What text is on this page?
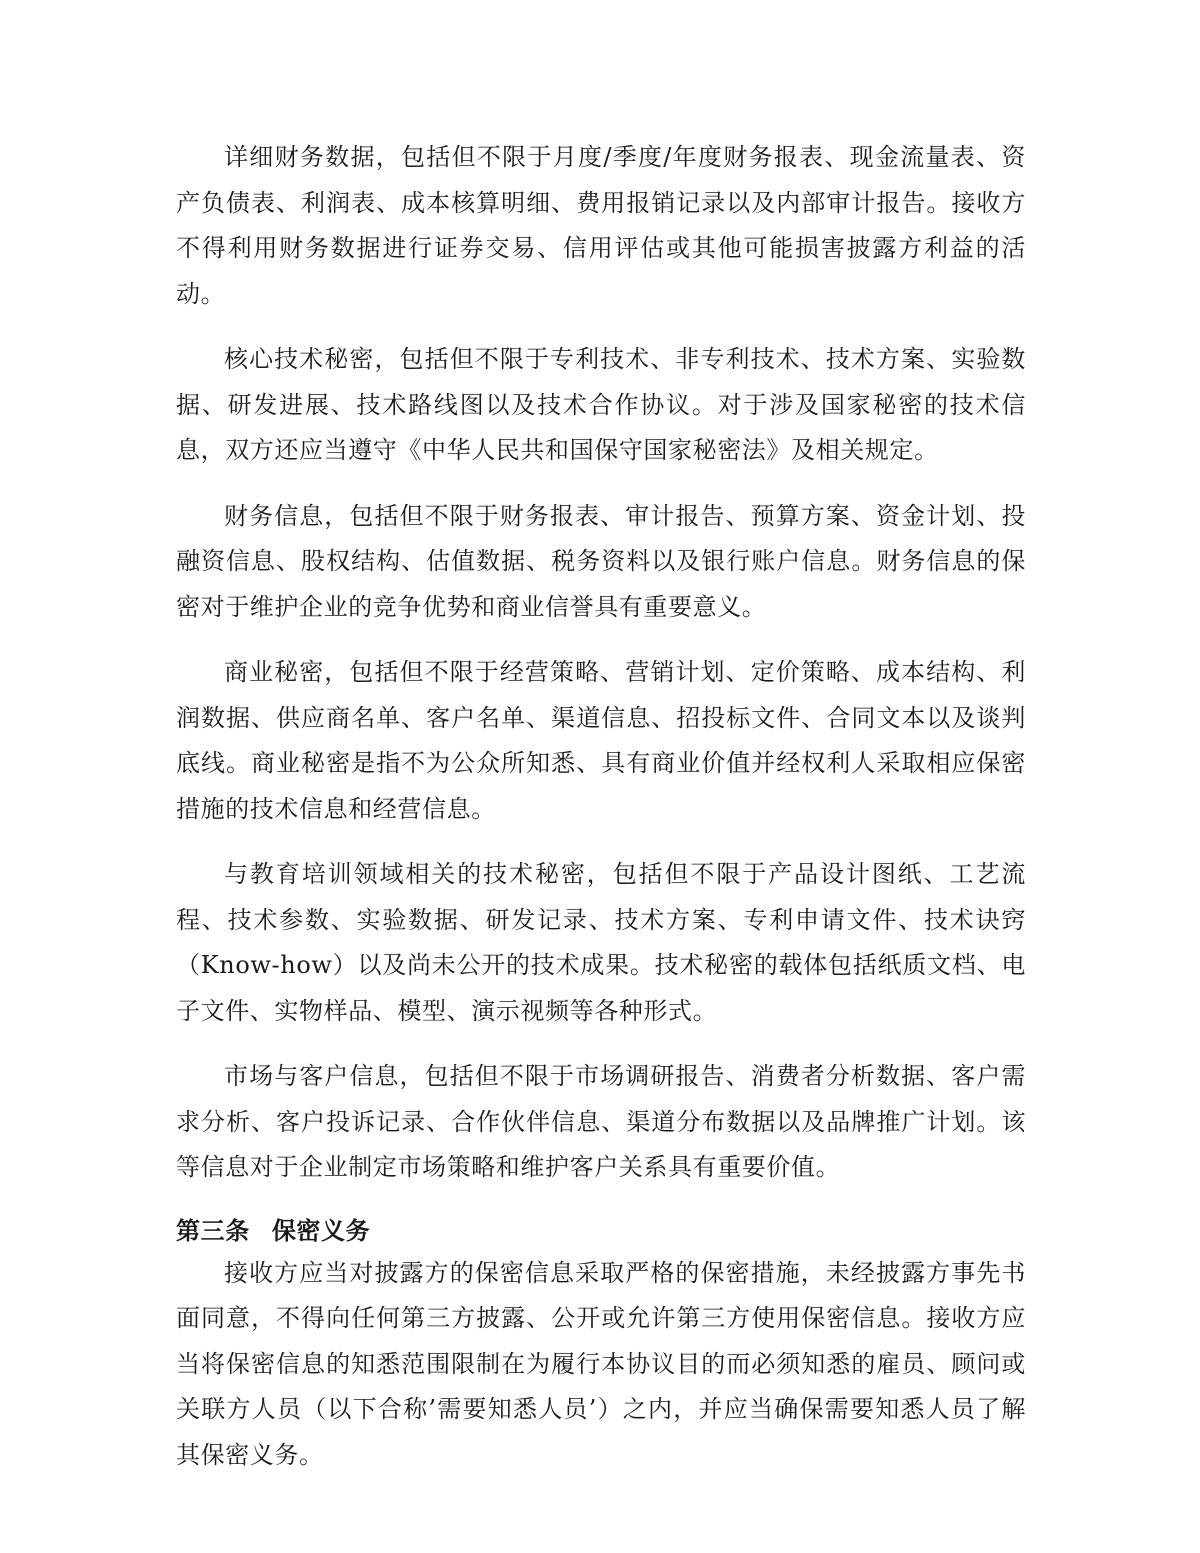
详细财务数据，包括但不限于月度/季度/年度财务报表、现金流量表、资产负债表、利润表、成本核算明细、费用报销记录以及内部审计报告。接收方不得利用财务数据进行证券交易、信用评估或其他可能损害披露方利益的活动。

核心技术秘密，包括但不限于专利技术、非专利技术、技术方案、实验数据、研发进展、技术路线图以及技术合作协议。对于涉及国家秘密的技术信息，双方还应当遵守《中华人民共和国保守国家秘密法》及相关规定。

财务信息，包括但不限于财务报表、审计报告、预算方案、资金计划、投融资信息、股权结构、估值数据、税务资料以及银行账户信息。财务信息的保密对于维护企业的竞争优势和商业信誉具有重要意义。

商业秘密，包括但不限于经营策略、营销计划、定价策略、成本结构、利润数据、供应商名单、客户名单、渠道信息、招投标文件、合同文本以及谈判底线。商业秘密是指不为公众所知悉、具有商业价值并经权利人采取相应保密措施的技术信息和经营信息。

与教育培训领域相关的技术秘密，包括但不限于产品设计图纸、工艺流程、技术参数、实验数据、研发记录、技术方案、专利申请文件、技术诀窍（Know-how）以及尚未公开的技术成果。技术秘密的载体包括纸质文档、电子文件、实物样品、模型、演示视频等各种形式。

市场与客户信息，包括但不限于市场调研报告、消费者分析数据、客户需求分析、客户投诉记录、合作伙伴信息、渠道分布数据以及品牌推广计划。该等信息对于企业制定市场策略和维护客户关系具有重要价值。

第三条 保密义务

接收方应当对披露方的保密信息采取严格的保密措施，未经披露方事先书面同意，不得向任何第三方披露、公开或允许第三方使用保密信息。接收方应当将保密信息的知悉范围限制在为履行本协议目的而必须知悉的雇员、顾问或关联方人员（以下合称’需要知悉人员’）之内，并应当确保需要知悉人员了解其保密义务。
